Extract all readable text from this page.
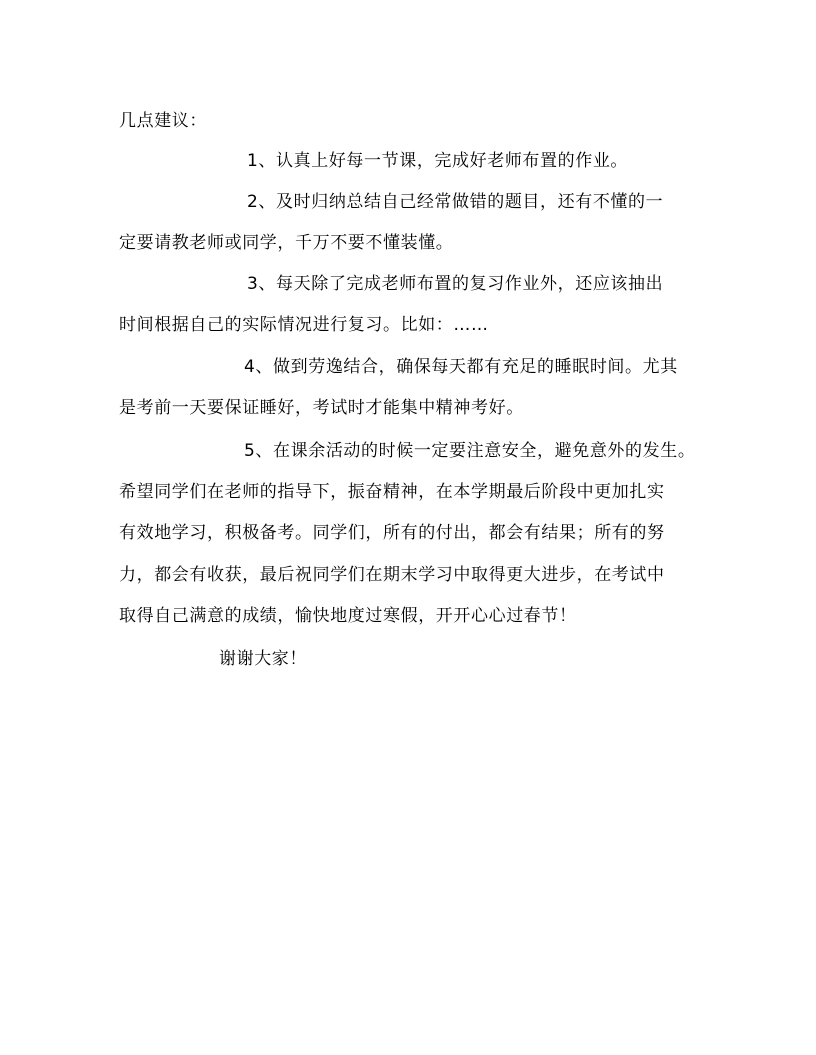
几点建议：
1、认真上好每一节课，完成好老师布置的作业。
2、及时归纳总结自己经常做错的题目，还有不懂的一
定要请教老师或同学，千万不要不懂装懂。
3、每天除了完成老师布置的复习作业外，还应该抽出
时间根据自己的实际情况进行复习。比如：……
4、做到劳逸结合，确保每天都有充足的睡眠时间。尤其
是考前一天要保证睡好，考试时才能集中精神考好。
5、在课余活动的时候一定要注意安全，避免意外的发生。
希望同学们在老师的指导下，振奋精神，在本学期最后阶段中更加扎实
有效地学习，积极备考。同学们，所有的付出，都会有结果；所有的努
力，都会有收获，最后祝同学们在期末学习中取得更大进步，在考试中
取得自己满意的成绩，愉快地度过寒假，开开心心过春节！
谢谢大家！
